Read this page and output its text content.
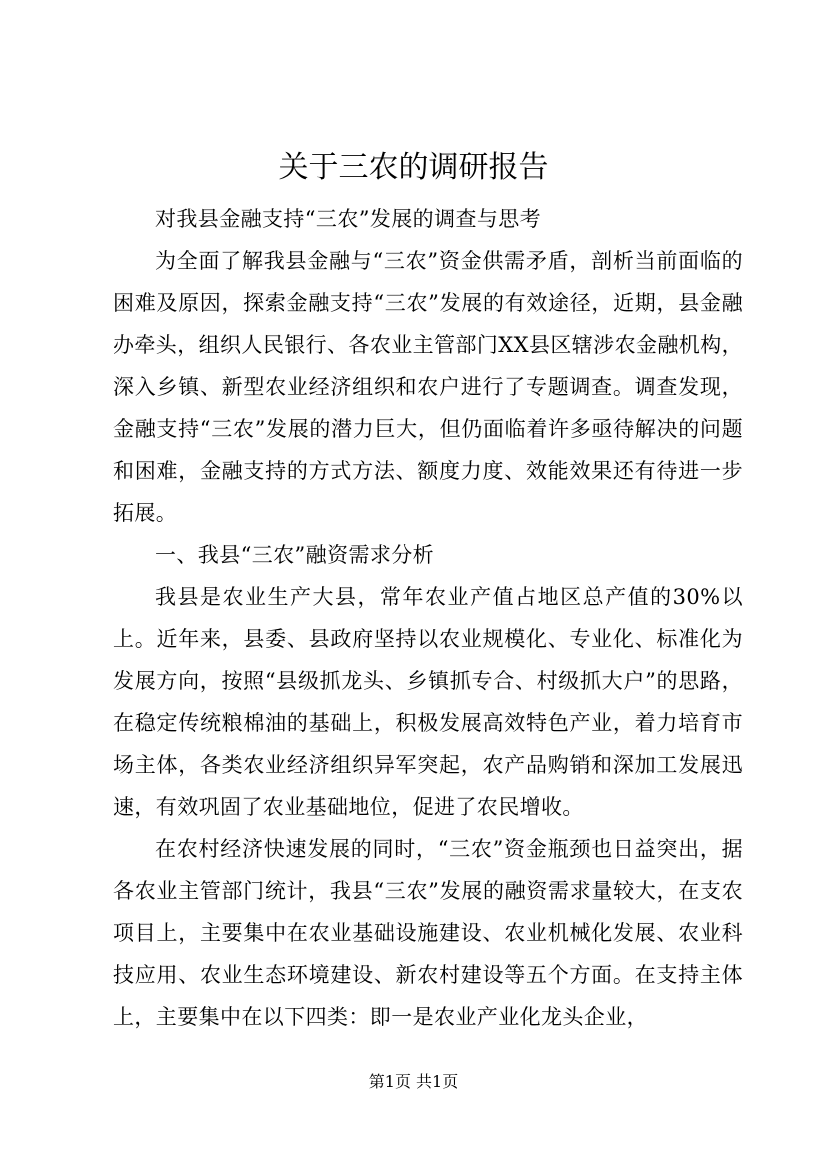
关于三农的调研报告

对我县金融支持“三农”发展的调查与思考

为全面了解我县金融与“三农”资金供需矛盾，剖析当前面临的困难及原因，探索金融支持“三农”发展的有效途径，近期，县金融办牵头，组织人民银行、各农业主管部门XX县区辖涉农金融机构，深入乡镇、新型农业经济组织和农户进行了专题调查。调查发现，金融支持“三农”发展的潜力巨大，但仍面临着许多亟待解决的问题和困难，金融支持的方式方法、额度力度、效能效果还有待进一步拓展。

一、我县“三农”融资需求分析

我县是农业生产大县，常年农业产值占地区总产值的30%以上。近年来，县委、县政府坚持以农业规模化、专业化、标准化为发展方向，按照“县级抓龙头、乡镇抓专合、村级抓大户”的思路，在稳定传统粮棉油的基础上，积极发展高效特色产业，着力培育市场主体，各类农业经济组织异军突起，农产品购销和深加工发展迅速，有效巩固了农业基础地位，促进了农民增收。

在农村经济快速发展的同时，“三农”资金瓶颈也日益突出，据各农业主管部门统计，我县“三农”发展的融资需求量较大，在支农项目上，主要集中在农业基础设施建设、农业机械化发展、农业科技应用、农业生态环境建设、新农村建设等五个方面。在支持主体上，主要集中在以下四类：即一是农业产业化龙头企业，

第1页 共1页
